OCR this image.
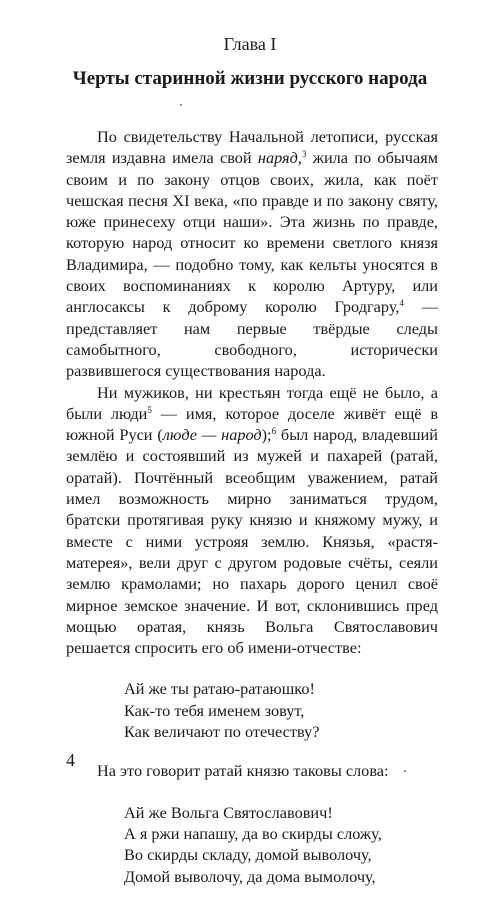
Глава I
Черты старинной жизни русского народа

По свидетельству Начальной летописи, русская земля издавна имела свой наряд,$^3$ жила по обычаям своим и по закону отцов своих, жила, как поёт чешская песня XI века, «по правде и по закону святу, юже принесеху отци наши». Эта жизнь по правде, которую народ относит ко времени светлого князя Владимира, — подобно тому, как кельты уносятся в своих воспоминаниях к королю Артуру, или англосаксы к доброму королю Гродгару,$^4$ — представляет нам первые твёрдые следы самобытного, свободного, исторически развившегося существования народа.

Ни мужиков, ни крестьян тогда ещё не было, а были люди$^5$ — имя, которое доселе живёт ещё в южной Руси (люде — народ);$^6$ был народ, владевший землёю и состоявший из мужей и пахарей (ратай, оратай). Почтённый всеобщим уважением, ратай имел возможность мирно заниматься трудом, братски протягивая руку князю и княжому мужу, и вместе с ними устрояя землю. Князья, «растя-матерея», вели друг с другом родовые счёты, сеяли землю крамолами; но пахарь дорого ценил своё мирное земское значение. И вот, склонившись пред мощью оратая, князь Вольга Святославович решается спросить его об имени-отчестве:

Ай же ты ратаю-ратаюшко!
Как-то тебя именем зовут,
Как величают по отечеству?

На это говорит ратай князю таковы слова:

Ай же Вольга Святославович!
А я ржи напашу, да во скирды сложу,
Во скирды складу, домой выволочу,
Домой выволочу, да дома вымолочу,
4
